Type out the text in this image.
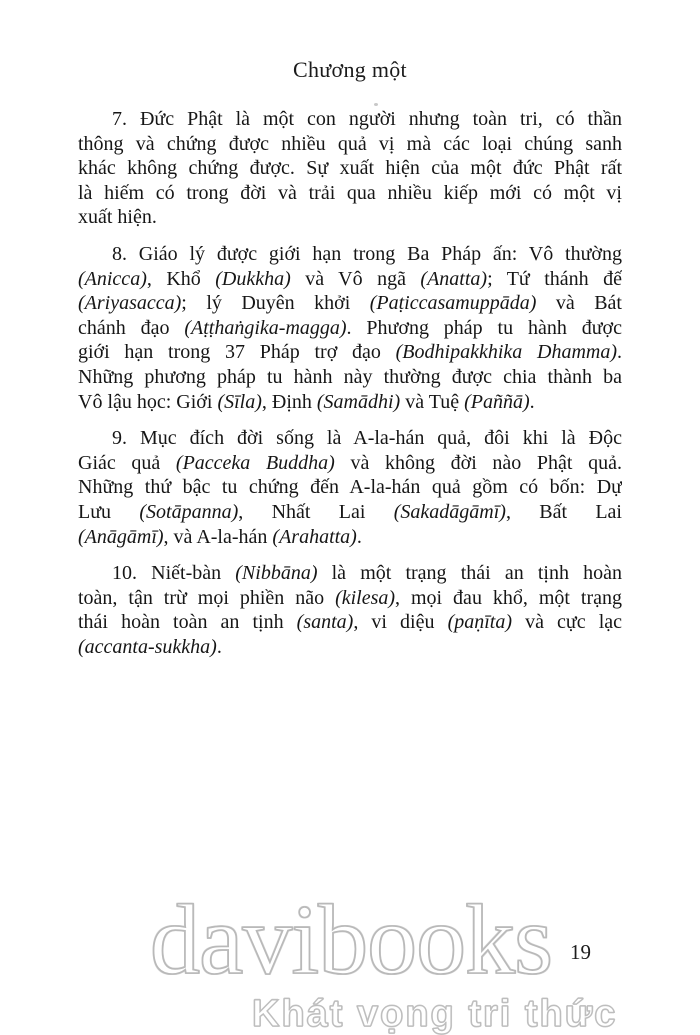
Chương một
7. Đức Phật là một con người nhưng toàn tri, có thần
thông và chứng được nhiều quả vị mà các loại chúng sanh
khác không chứng được. Sự xuất hiện của một đức Phật rất
là hiếm có trong đời và trải qua nhiều kiếp mới có một vị
xuất hiện.
8. Giáo lý được giới hạn trong Ba Pháp ấn: Vô thường
(Anicca), Khổ (Dukkha) và Vô ngã (Anatta); Tứ thánh đế
(Ariyasacca); lý Duyên khởi (Paṭiccasamuppāda) và Bát
chánh đạo (Aṭṭhaṅgika-magga). Phương pháp tu hành được
giới hạn trong 37 Pháp trợ đạo (Bodhipakkhika Dhamma).
Những phương pháp tu hành này thường được chia thành ba
Vô lậu học: Giới (Sīla), Định (Samādhi) và Tuệ (Paññā).
9. Mục đích đời sống là A-la-hán quả, đôi khi là Độc
Giác quả (Pacceka Buddha) và không đời nào Phật quả.
Những thứ bậc tu chứng đến A-la-hán quả gồm có bốn: Dự
Lưu (Sotāpanna), Nhất Lai (Sakadāgāmī), Bất Lai
(Anāgāmī), và A-la-hán (Arahatta).
10. Niết-bàn (Nibbāna) là một trạng thái an tịnh hoàn
toàn, tận trừ mọi phiền não (kilesa), mọi đau khổ, một trạng
thái hoàn toàn an tịnh (santa), vi diệu (paṇīta) và cực lạc
(accanta-sukkha).
davibooks 19
Khát vọng tri thức
